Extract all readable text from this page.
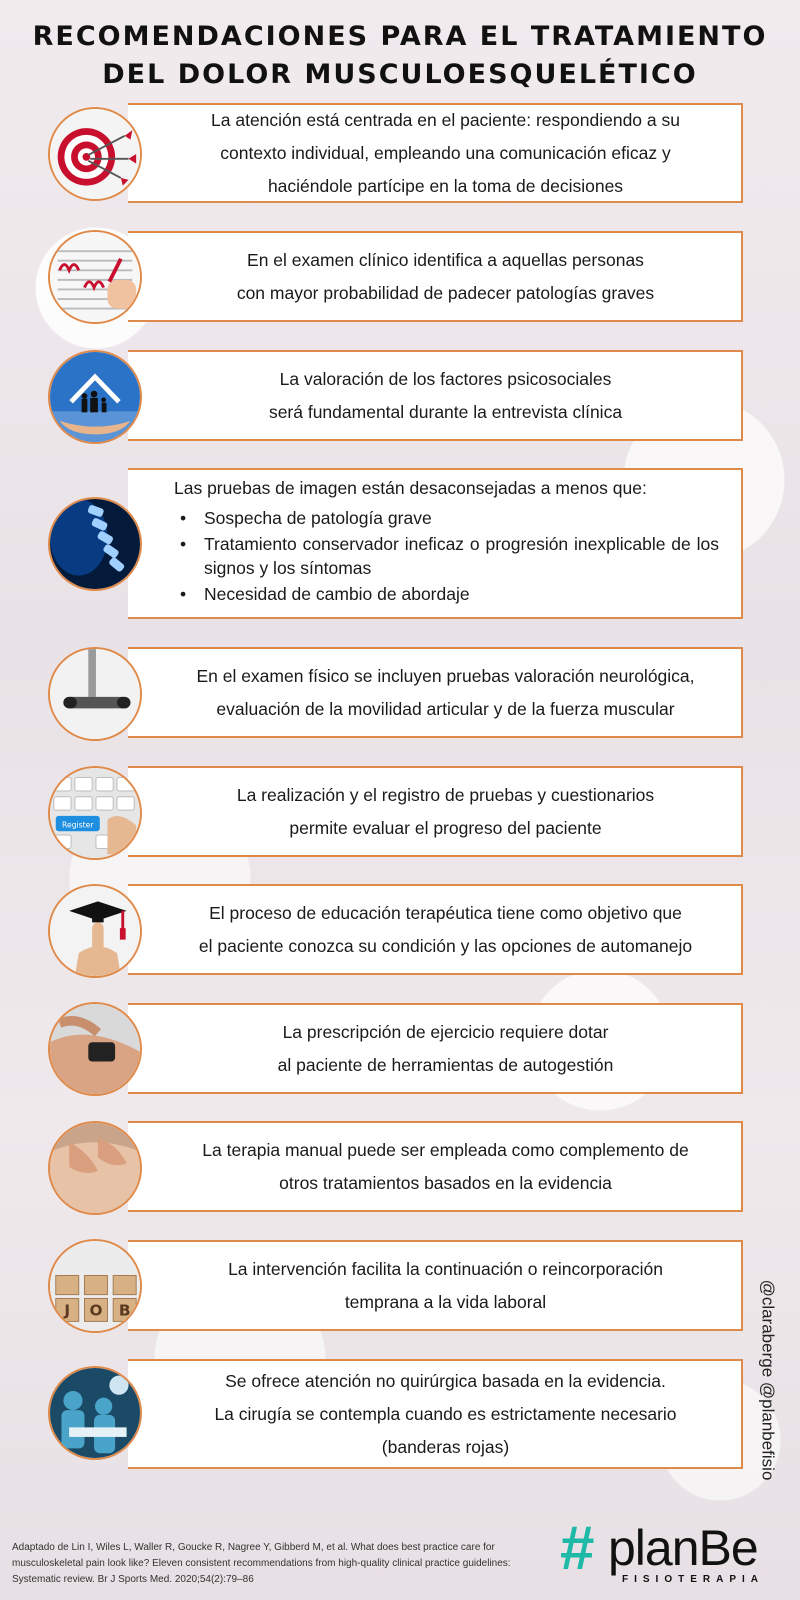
RECOMENDACIONES PARA EL TRATAMIENTO
DEL DOLOR MUSCULOESQUELÉTICO
La atención está centrada en el paciente: respondiendo a su
contexto individual, empleando una comunicación eficaz y
haciéndole partícipe en la toma de decisiones
En el examen clínico identifica a aquellas personas
con mayor probabilidad de padecer patologías graves
La valoración de los factores psicosociales
será fundamental durante la entrevista clínica
Las pruebas de imagen están desaconsejadas a menos que:
• Sospecha de patología grave
• Tratamiento conservador ineficaz o progresión inexplicable de los signos y los síntomas
• Necesidad de cambio de abordaje
En el examen físico se incluyen pruebas valoración neurológica,
evaluación de la movilidad articular y de la fuerza muscular
Register
La realización y el registro de pruebas y cuestionarios
permite evaluar el progreso del paciente
El proceso de educación terapéutica tiene como objetivo que
el paciente conozca su condición y las opciones de automanejo
La prescripción de ejercicio requiere dotar
al paciente de herramientas de autogestión
La terapia manual puede ser empleada como complemento de
otros tratamientos basados en la evidencia
J O B
La intervención facilita la continuación o reincorporación
temprana a la vida laboral
Se ofrece atención no quirúrgica basada en la evidencia.
La cirugía se contempla cuando es estrictamente necesario
(banderas rojas)	@claraberge @planbefisio
Adaptado de Lin I, Wiles L, Waller R, Goucke R, Nagree Y, Gibberd M, et al. What does best practice care for musculoskeletal pain look like? Eleven consistent recommendations from high-quality clinical practice guidelines: Systematic review. Br J Sports Med. 2020;54(2):79–86	# planBe
FISIOTERAPIA
